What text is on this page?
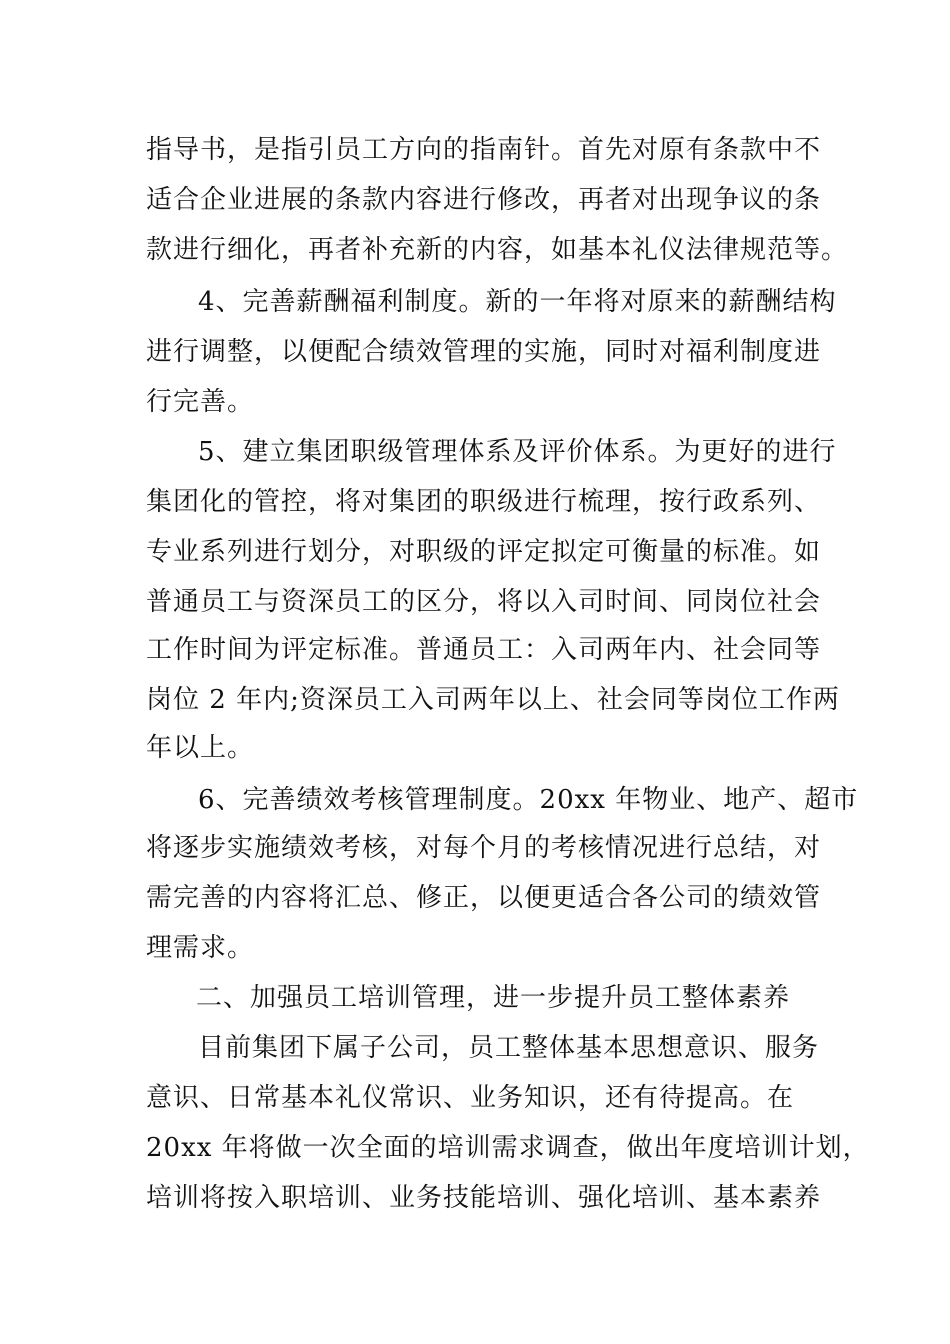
指导书，是指引员工方向的指南针。首先对原有条款中不
适合企业进展的条款内容进行修改，再者对出现争议的条
款进行细化，再者补充新的内容，如基本礼仪法律规范等。
4、完善薪酬福利制度。新的一年将对原来的薪酬结构
进行调整，以便配合绩效管理的实施，同时对福利制度进
行完善。
5、建立集团职级管理体系及评价体系。为更好的进行
集团化的管控，将对集团的职级进行梳理，按行政系列、
专业系列进行划分，对职级的评定拟定可衡量的标准。如
普通员工与资深员工的区分，将以入司时间、同岗位社会
工作时间为评定标准。普通员工：入司两年内、社会同等
岗位 2 年内;资深员工入司两年以上、社会同等岗位工作两
年以上。
6、完善绩效考核管理制度。20xx 年物业、地产、超市
将逐步实施绩效考核，对每个月的考核情况进行总结，对
需完善的内容将汇总、修正，以便更适合各公司的绩效管
理需求。
二、加强员工培训管理，进一步提升员工整体素养
目前集团下属子公司，员工整体基本思想意识、服务
意识、日常基本礼仪常识、业务知识，还有待提高。在
20xx 年将做一次全面的培训需求调查，做出年度培训计划，
培训将按入职培训、业务技能培训、强化培训、基本素养
